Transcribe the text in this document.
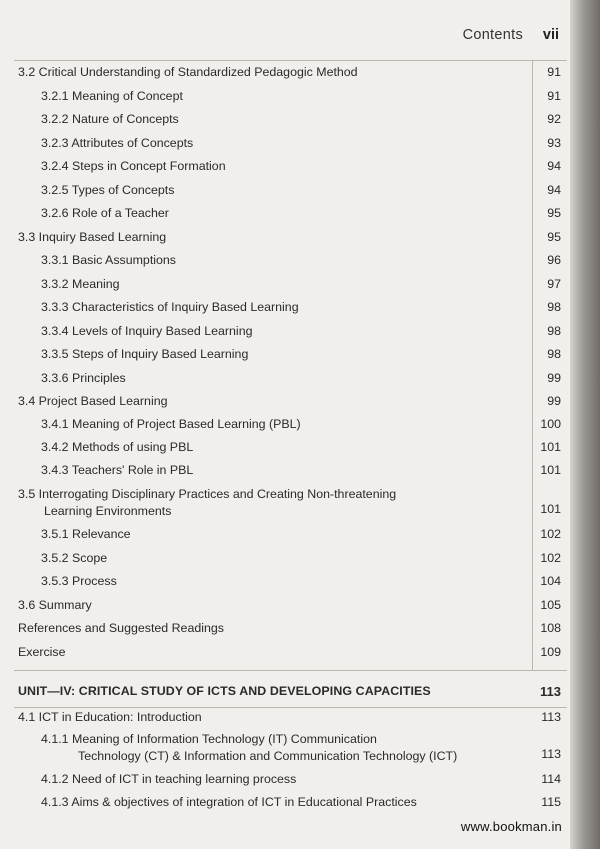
Contents vii
3.2 Critical Understanding of Standardized Pedagogic Method	91
3.2.1 Meaning of Concept	91
3.2.2 Nature of Concepts	92
3.2.3 Attributes of Concepts	93
3.2.4 Steps in Concept Formation	94
3.2.5 Types of Concepts	94
3.2.6 Role of a Teacher	95
3.3 Inquiry Based Learning	95
3.3.1 Basic Assumptions	96
3.3.2 Meaning	97
3.3.3 Characteristics of Inquiry Based Learning	98
3.3.4 Levels of Inquiry Based Learning	98
3.3.5 Steps of Inquiry Based Learning	98
3.3.6 Principles	99
3.4 Project Based Learning	99
3.4.1 Meaning of Project Based Learning (PBL)	100
3.4.2 Methods of using PBL	101
3.4.3 Teachers' Role in PBL	101
3.5 Interrogating Disciplinary Practices and Creating Non-threatening
Learning Environments	101
3.5.1 Relevance	102
3.5.2 Scope	102
3.5.3 Process	104
3.6 Summary	105
References and Suggested Readings	108
Exercise	109
UNIT—IV: CRITICAL STUDY OF ICTS AND DEVELOPING CAPACITIES	113
4.1 ICT in Education: Introduction	113
4.1.1 Meaning of Information Technology (IT) Communication
Technology (CT) & Information and Communication Technology (ICT)	113
4.1.2 Need of ICT in teaching learning process	114
4.1.3 Aims & objectives of integration of ICT in Educational Practices	115
www.bookman.in
